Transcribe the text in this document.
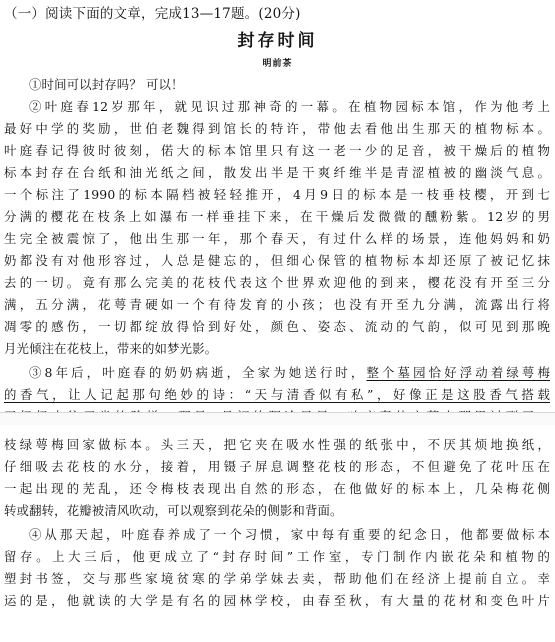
（一）阅读下面的文章，完成13—17题。(20分)
封存时间
明前茶
①时间可以封存吗？ 可以！
②叶庭春12岁那年，就见识过那神奇的一幕。在植物园标本馆，作为他考上
最好中学的奖励，世伯老魏得到馆长的特许，带他去看他出生那天的植物标本。
叶庭春记得彼时彼刻，偌大的标本馆里只有这一老一少的足音，被干燥后的植物
标本封存在台纸和油光纸之间，散发出半是干爽纤维半是青涩植被的幽淡气息。
一个标注了1990的标本隔档被轻轻推开，4月9日的标本是一枝垂枝樱，开到七
分满的樱花在枝条上如瀑布一样垂挂下来，在干燥后发微微的醺粉紫。12岁的男
生完全被震惊了，他出生那一年，那个春天，有过什么样的场景，连他妈妈和奶
奶都没有对他形容过，人总是健忘的，但细心保管的植物标本却还原了被记忆抹
去的一切。竟有那么完美的花枝代表这个世界欢迎他的到来，樱花没有开至三分
满，五分满，花萼青硬如一个有待发育的小孩；也没有开至九分满，流露出行将
凋零的感伤，一切都绽放得恰到好处，颜色、姿态、流动的气韵，似可见到那晚
月光倾注在花枝上，带来的如梦光影。
③8年后，叶庭春的奶奶病逝，全家为她送行时，整个墓园恰好浮动着绿萼梅
的香气，让人记起那句绝妙的诗：“天与清香似有私”，好像正是这股香气搭载
枝绿萼梅回家做标本。头三天，把它夹在吸水性强的纸张中，不厌其烦地换纸，
仔细吸去花枝的水分，接着，用镊子屏息调整花枝的形态，不但避免了花叶压在
一起出现的芜乱，还令梅枝表现出自然的形态，在他做好的标本上，几朵梅花侧
转或翻转，花瓣被清风吹动，可以观察到花朵的侧影和背面。
④从那天起，叶庭春养成了一个习惯，家中每有重要的纪念日，他都要做标本
留存。上大三后，他更成立了“封存时间”工作室，专门制作内嵌花朵和植物的
塑封书签，交与那些家境贫寒的学弟学妹去卖，帮助他们在经济上提前自立。幸
运的是，他就读的大学是有名的园林学校，由春至秋，有大量的花材和变色叶片
